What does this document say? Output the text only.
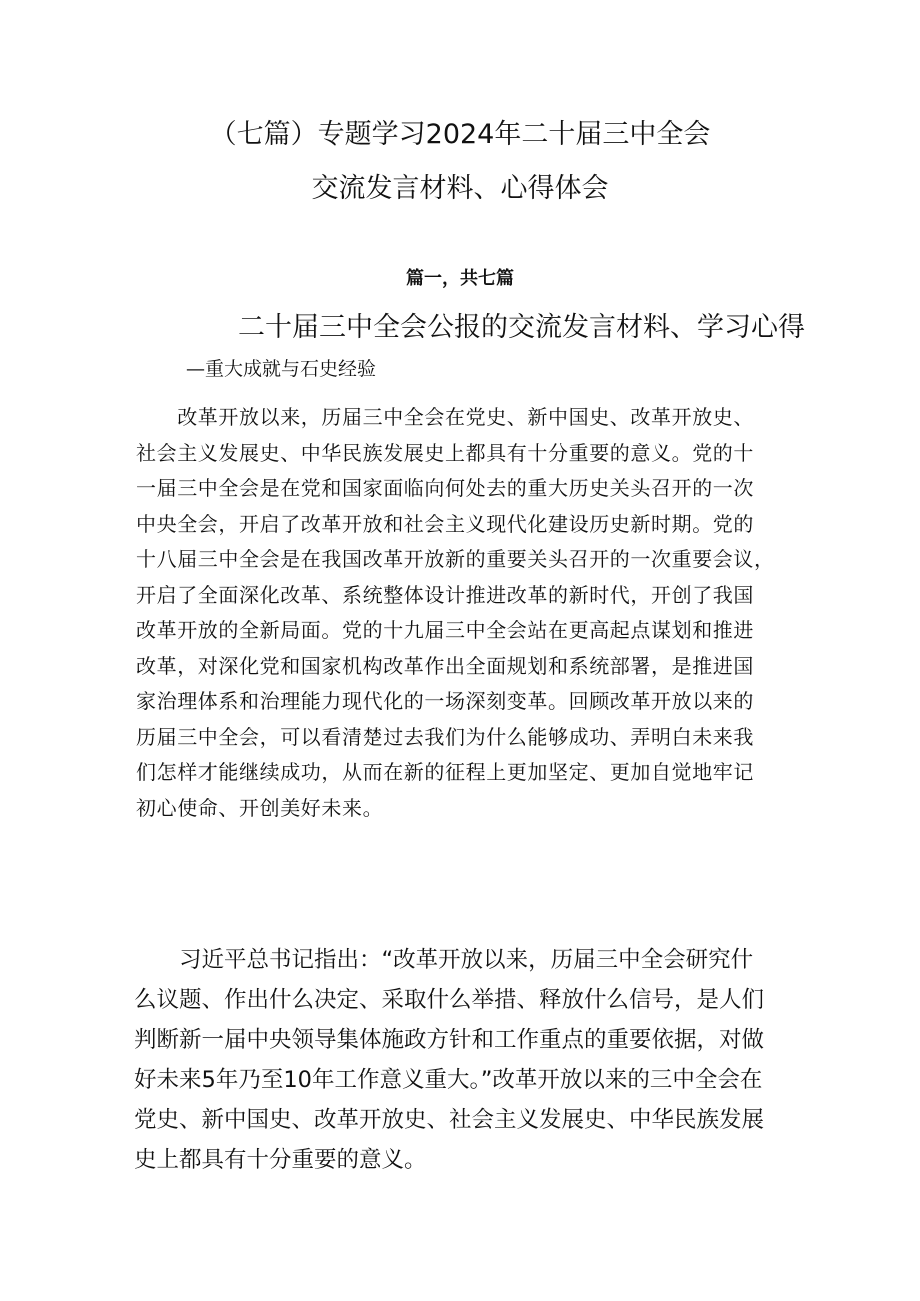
（七篇）专题学习2024年二十届三中全会
交流发言材料、心得体会
篇一，共七篇
二十届三中全会公报的交流发言材料、学习心得
—重大成就与石史经验
　　改革开放以来，历届三中全会在党史、新中国史、改革开放史、
社会主义发展史、中华民族发展史上都具有十分重要的意义。党的十
一届三中全会是在党和国家面临向何处去的重大历史关头召开的一次
中央全会，开启了改革开放和社会主义现代化建设历史新时期。党的
十八届三中全会是在我国改革开放新的重要关头召开的一次重要会议，
开启了全面深化改革、系统整体设计推进改革的新时代，开创了我国
改革开放的全新局面。党的十九届三中全会站在更高起点谋划和推进
改革，对深化党和国家机构改革作出全面规划和系统部署，是推进国
家治理体系和治理能力现代化的一场深刻变革。回顾改革开放以来的
历届三中全会，可以看清楚过去我们为什么能够成功、弄明白未来我
们怎样才能继续成功，从而在新的征程上更加坚定、更加自觉地牢记
初心使命、开创美好未来。
　　习近平总书记指出：“改革开放以来，历届三中全会研究什
么议题、作出什么决定、采取什么举措、释放什么信号，是人们
判断新一届中央领导集体施政方针和工作重点的重要依据，对做
好未来5年乃至10年工作意义重大。”改革开放以来的三中全会在
党史、新中国史、改革开放史、社会主义发展史、中华民族发展
史上都具有十分重要的意义。
